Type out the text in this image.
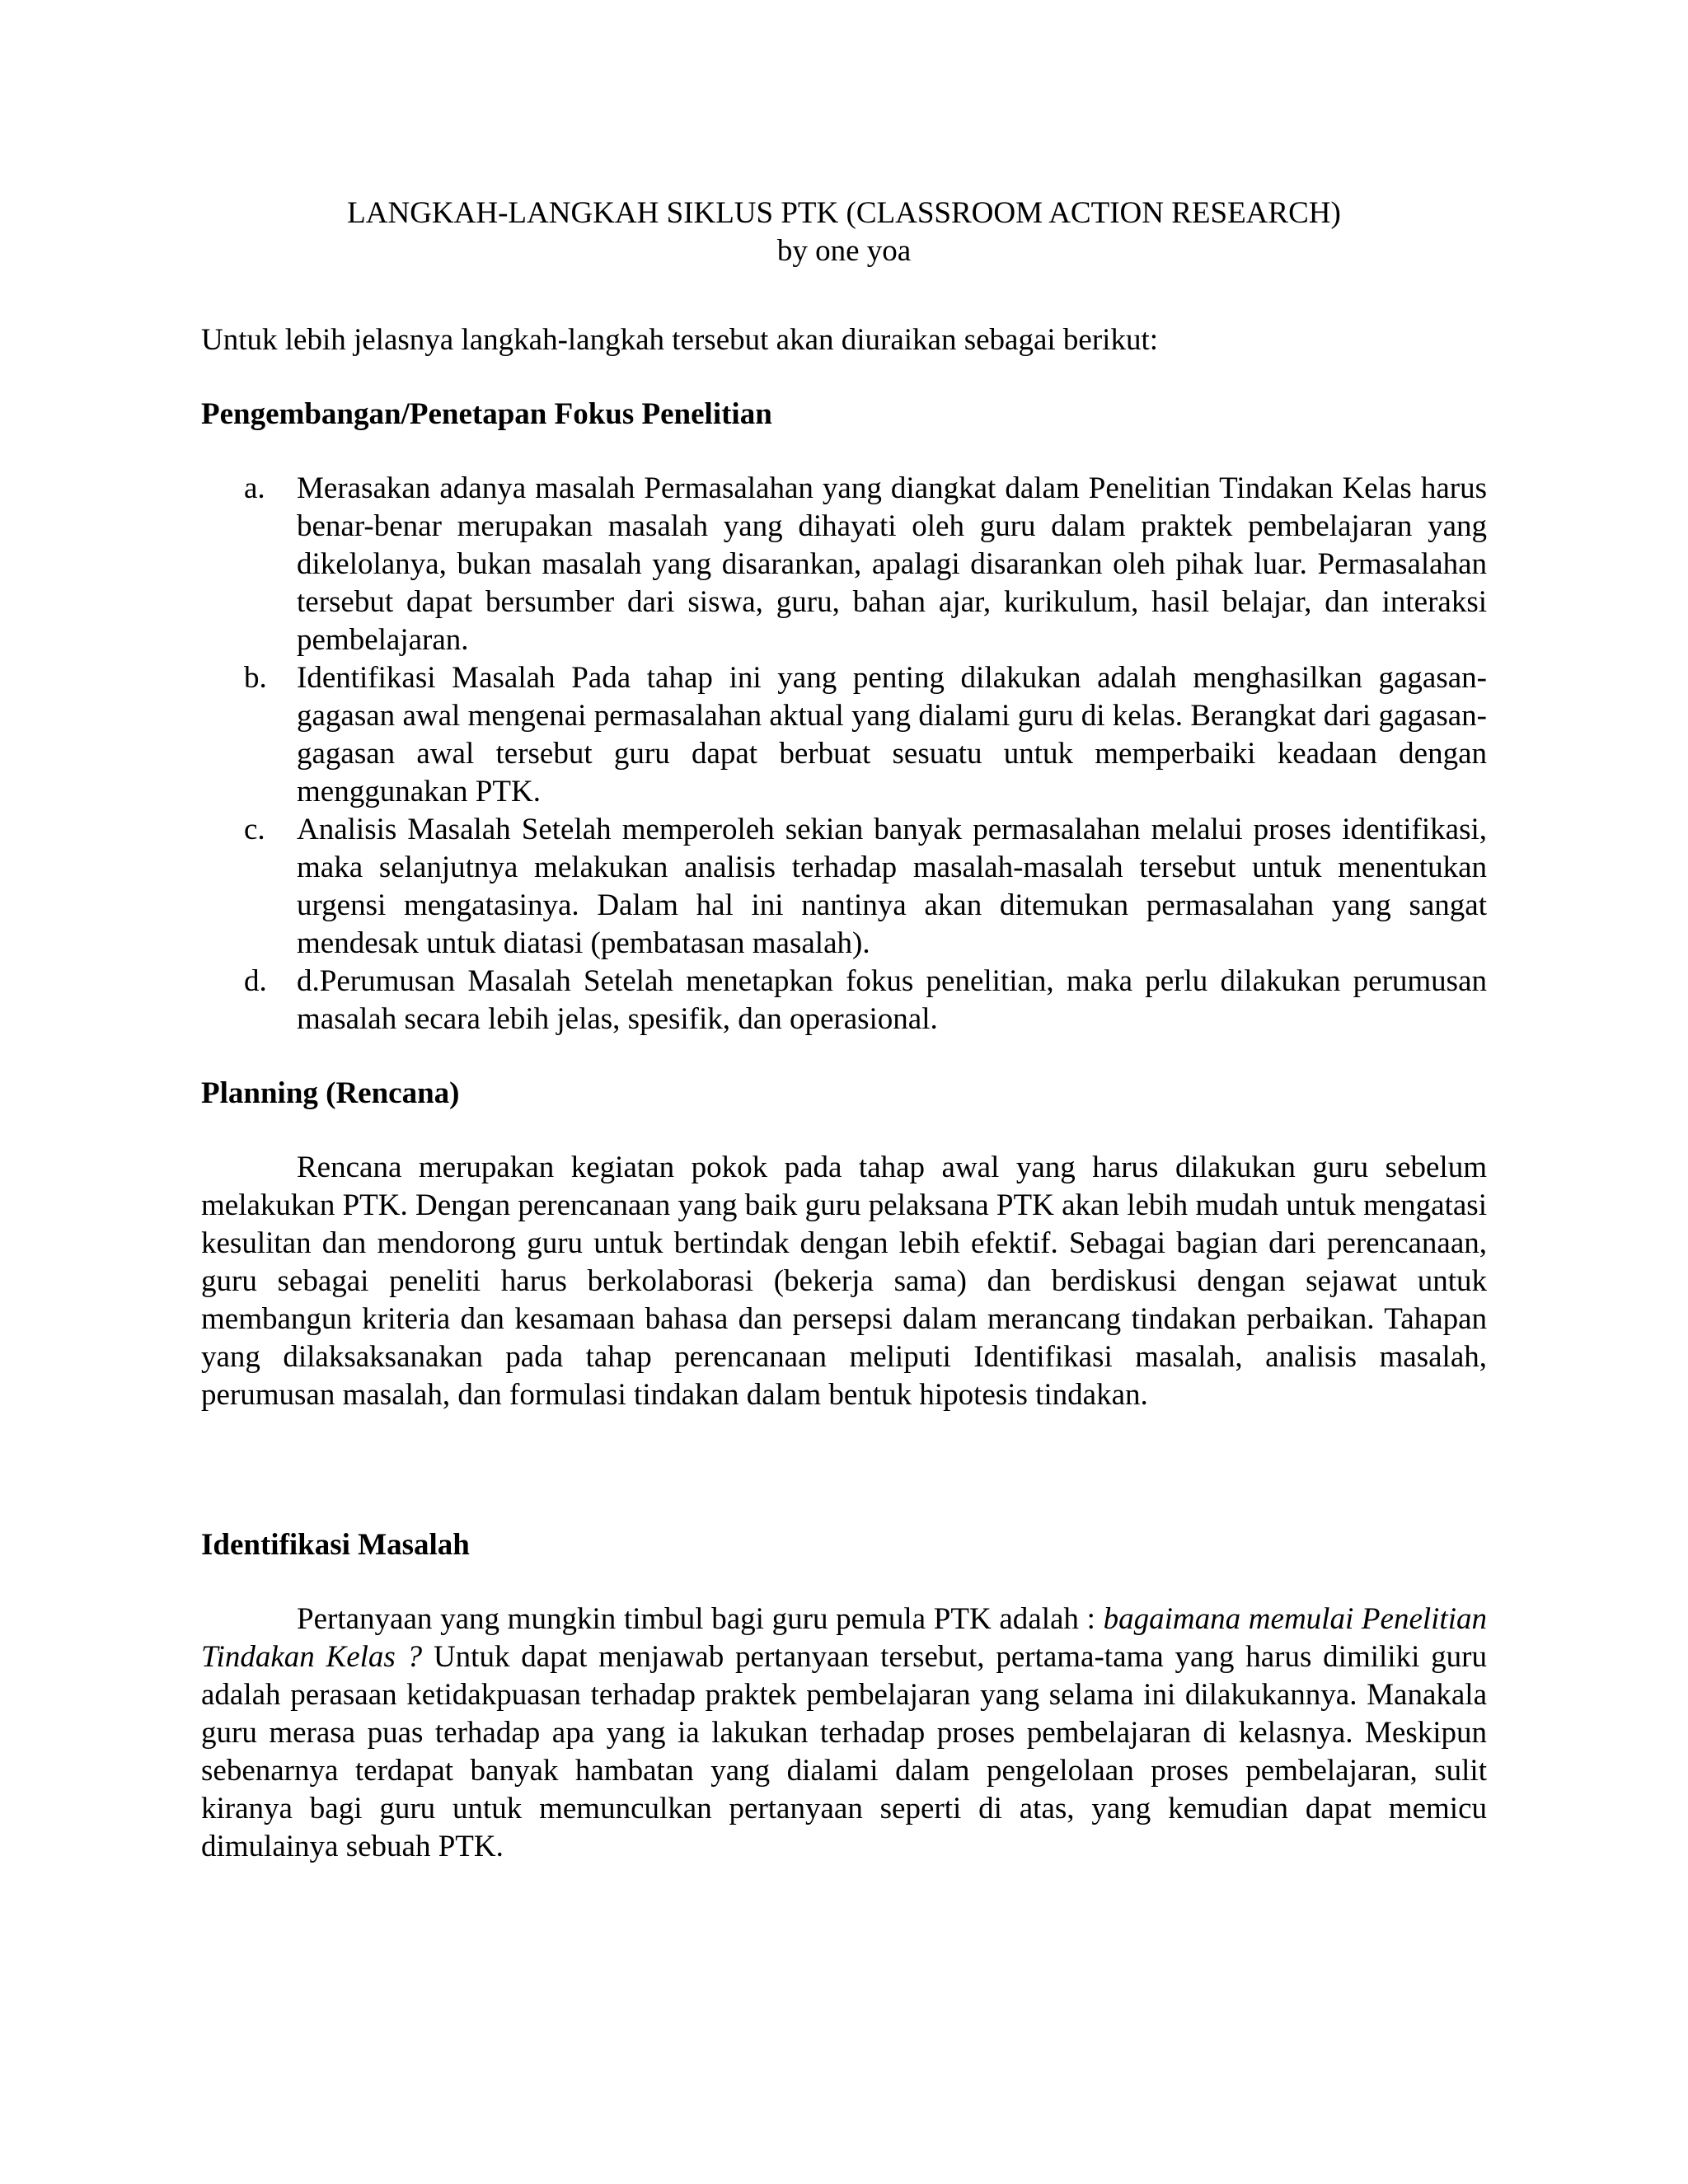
LANGKAH-LANGKAH SIKLUS PTK (CLASSROOM ACTION RESEARCH)
by one yoa

Untuk lebih jelasnya langkah-langkah tersebut akan diuraikan sebagai berikut:

Pengembangan/Penetapan Fokus Penelitian
a. Merasakan adanya masalah Permasalahan yang diangkat dalam Penelitian Tindakan Kelas harus benar-benar merupakan masalah yang dihayati oleh guru dalam praktek pembelajaran yang dikelolanya, bukan masalah yang disarankan, apalagi disarankan oleh pihak luar. Permasalahan tersebut dapat bersumber dari siswa, guru, bahan ajar, kurikulum, hasil belajar, dan interaksi pembelajaran.
b. Identifikasi Masalah Pada tahap ini yang penting dilakukan adalah menghasilkan gagasan- gagasan awal mengenai permasalahan aktual yang dialami guru di kelas. Berangkat dari gagasan-gagasan awal tersebut guru dapat berbuat sesuatu untuk memperbaiki keadaan dengan menggunakan PTK.
c. Analisis Masalah Setelah memperoleh sekian banyak permasalahan melalui proses identifikasi, maka selanjutnya melakukan analisis terhadap masalah-masalah tersebut untuk menentukan urgensi mengatasinya. Dalam hal ini nantinya akan ditemukan permasalahan yang sangat mendesak untuk diatasi (pembatasan masalah).
d. d.Perumusan Masalah Setelah menetapkan fokus penelitian, maka perlu dilakukan perumusan masalah secara lebih jelas, spesifik, dan operasional.
Planning (Rencana)

Rencana merupakan kegiatan pokok pada tahap awal yang harus dilakukan guru sebelum melakukan PTK. Dengan perencanaan yang baik guru pelaksana PTK akan lebih mudah untuk mengatasi kesulitan dan mendorong guru untuk bertindak dengan lebih efektif. Sebagai bagian dari perencanaan, guru sebagai peneliti harus berkolaborasi (bekerja sama) dan berdiskusi dengan sejawat untuk membangun kriteria dan kesamaan bahasa dan persepsi dalam merancang tindakan perbaikan. Tahapan yang dilaksaksanakan pada tahap perencanaan meliputi Identifikasi masalah, analisis masalah, perumusan masalah, dan formulasi tindakan dalam bentuk hipotesis tindakan.

Identifikasi Masalah

Pertanyaan yang mungkin timbul bagi guru pemula PTK adalah : bagaimana memulai Penelitian Tindakan Kelas ? Untuk dapat menjawab pertanyaan tersebut, pertama-tama yang harus dimiliki guru adalah perasaan ketidakpuasan terhadap praktek pembelajaran yang selama ini dilakukannya. Manakala guru merasa puas terhadap apa yang ia lakukan terhadap proses pembelajaran di kelasnya. Meskipun sebenarnya terdapat banyak hambatan yang dialami dalam pengelolaan proses pembelajaran, sulit kiranya bagi guru untuk memunculkan pertanyaan seperti di atas, yang kemudian dapat memicu dimulainya sebuah PTK.
